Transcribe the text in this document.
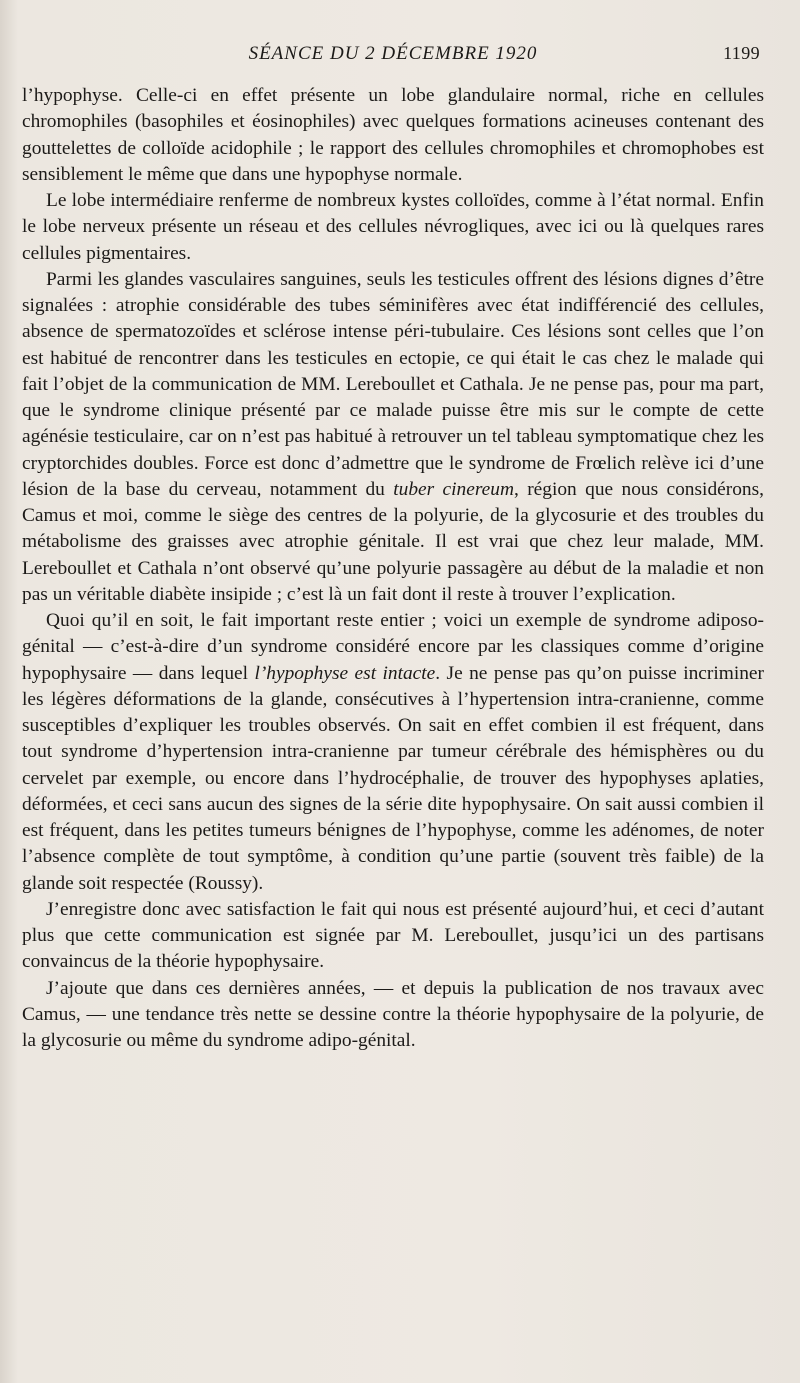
SÉANCE DU 2 DÉCEMBRE 1920	1199

l’hypophyse. Celle-ci en effet présente un lobe glandulaire normal, riche en cellules chromophiles (basophiles et éosinophiles) avec quelques formations acineuses contenant des gouttelettes de colloïde acidophile ; le rapport des cellules chromophiles et chromophobes est sensiblement le même que dans une hypophyse normale.

Le lobe intermédiaire renferme de nombreux kystes colloïdes, comme à l’état normal. Enfin le lobe nerveux présente un réseau et des cellules névrogliques, avec ici ou là quelques rares cellules pigmentaires.

Parmi les glandes vasculaires sanguines, seuls les testicules offrent des lésions dignes d’être signalées : atrophie considérable des tubes séminifères avec état indifférencié des cellules, absence de spermatozoïdes et sclérose intense péri-tubulaire. Ces lésions sont celles que l’on est habitué de rencontrer dans les testicules en ectopie, ce qui était le cas chez le malade qui fait l’objet de la communication de MM. Lereboullet et Cathala. Je ne pense pas, pour ma part, que le syndrome clinique présenté par ce malade puisse être mis sur le compte de cette agénésie testiculaire, car on n’est pas habitué à retrouver un tel tableau symptomatique chez les cryptorchides doubles. Force est donc d’admettre que le syndrome de Frœlich relève ici d’une lésion de la base du cerveau, notamment du tuber cinereum, région que nous considérons, Camus et moi, comme le siège des centres de la polyurie, de la glycosurie et des troubles du métabolisme des graisses avec atrophie génitale. Il est vrai que chez leur malade, MM. Lereboullet et Cathala n’ont observé qu’une polyurie passagère au début de la maladie et non pas un véritable diabète insipide ; c’est là un fait dont il reste à trouver l’explication.

Quoi qu’il en soit, le fait important reste entier ; voici un exemple de syndrome adiposo-génital — c’est-à-dire d’un syndrome considéré encore par les classiques comme d’origine hypophysaire — dans lequel l’hypophyse est intacte. Je ne pense pas qu’on puisse incriminer les légères déformations de la glande, consécutives à l’hypertension intra-cranienne, comme susceptibles d’expliquer les troubles observés. On sait en effet combien il est fréquent, dans tout syndrome d’hypertension intra-cranienne par tumeur cérébrale des hémisphères ou du cervelet par exemple, ou encore dans l’hydrocéphalie, de trouver des hypophyses aplaties, déformées, et ceci sans aucun des signes de la série dite hypophysaire. On sait aussi combien il est fréquent, dans les petites tumeurs bénignes de l’hypophyse, comme les adénomes, de noter l’absence complète de tout symptôme, à condition qu’une partie (souvent très faible) de la glande soit respectée (Roussy).

J’enregistre donc avec satisfaction le fait qui nous est présenté aujourd’hui, et ceci d’autant plus que cette communication est signée par M. Lereboullet, jusqu’ici un des partisans convaincus de la théorie hypophysaire.

J’ajoute que dans ces dernières années, — et depuis la publication de nos travaux avec Camus, — une tendance très nette se dessine contre la théorie hypophysaire de la polyurie, de la glycosurie ou même du syndrome adipo-génital.
